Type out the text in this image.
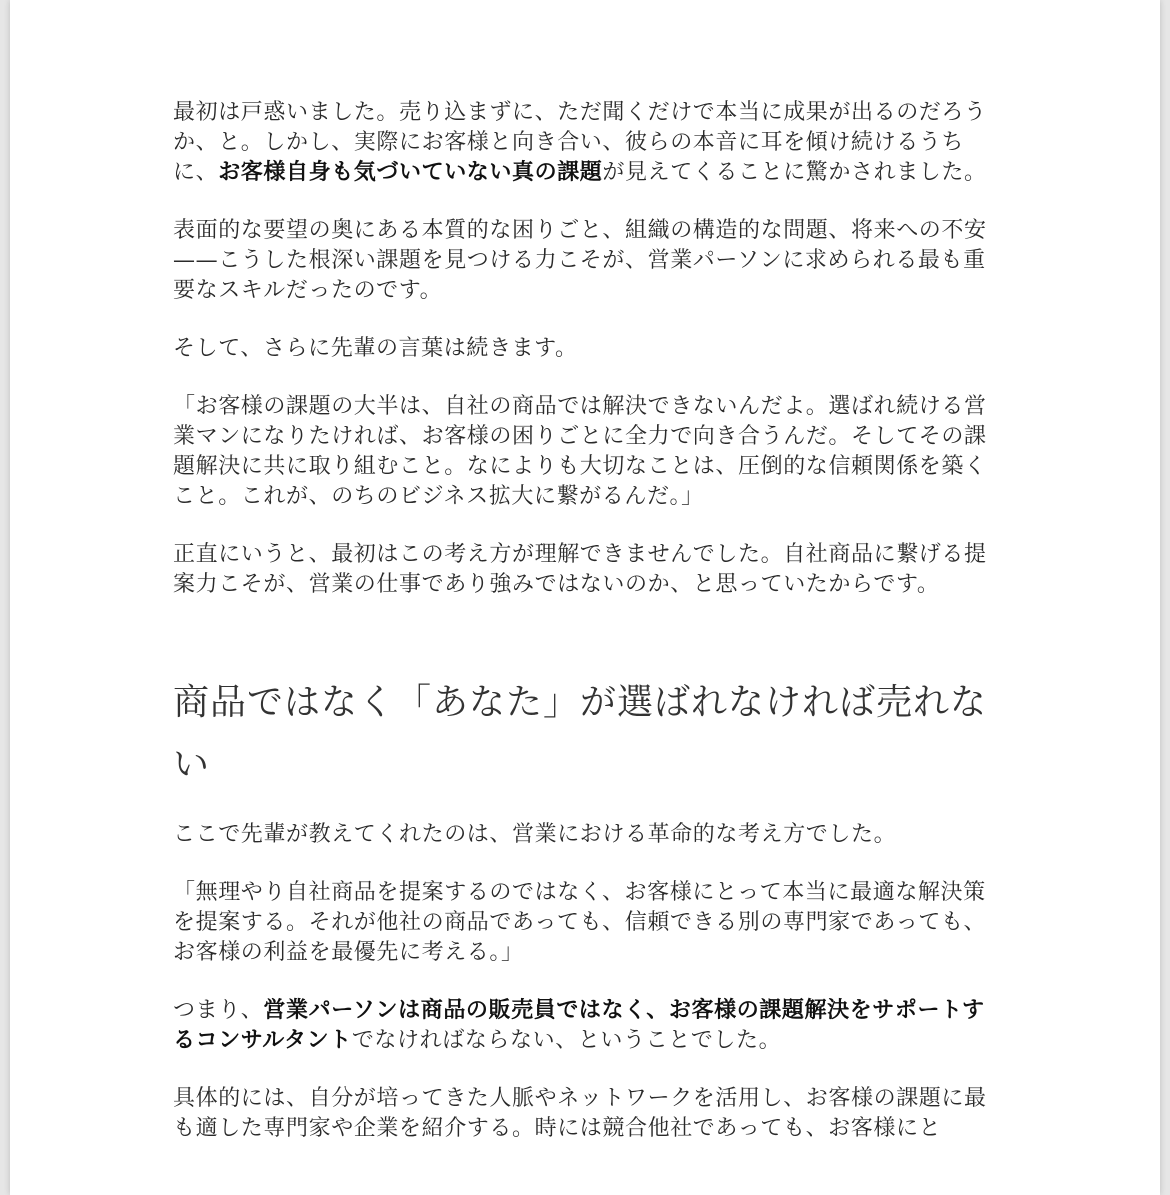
最初は戸惑いました。売り込まずに、ただ聞くだけで本当に成果が出るのだろうか、と。しかし、実際にお客様と向き合い、彼らの本音に耳を傾け続けるうちに、お客様自身も気づいていない真の課題が見えてくることに驚かされました。

表面的な要望の奥にある本質的な困りごと、組織の構造的な問題、将来への不安——こうした根深い課題を見つける力こそが、営業パーソンに求められる最も重要なスキルだったのです。

そして、さらに先輩の言葉は続きます。

「お客様の課題の大半は、自社の商品では解決できないんだよ。選ばれ続ける営業マンになりたければ、お客様の困りごとに全力で向き合うんだ。そしてその課題解決に共に取り組むこと。なによりも大切なことは、圧倒的な信頼関係を築くこと。これが、のちのビジネス拡大に繋がるんだ。」

正直にいうと、最初はこの考え方が理解できませんでした。自社商品に繋げる提案力こそが、営業の仕事であり強みではないのか、と思っていたからです。

商品ではなく「あなた」が選ばれなければ売れない

ここで先輩が教えてくれたのは、営業における革命的な考え方でした。

「無理やり自社商品を提案するのではなく、お客様にとって本当に最適な解決策を提案する。それが他社の商品であっても、信頼できる別の専門家であっても、お客様の利益を最優先に考える。」

つまり、営業パーソンは商品の販売員ではなく、お客様の課題解決をサポートするコンサルタントでなければならない、ということでした。

具体的には、自分が培ってきた人脈やネットワークを活用し、お客様の課題に最も適した専門家や企業を紹介する。時には競合他社であっても、お客様にと
